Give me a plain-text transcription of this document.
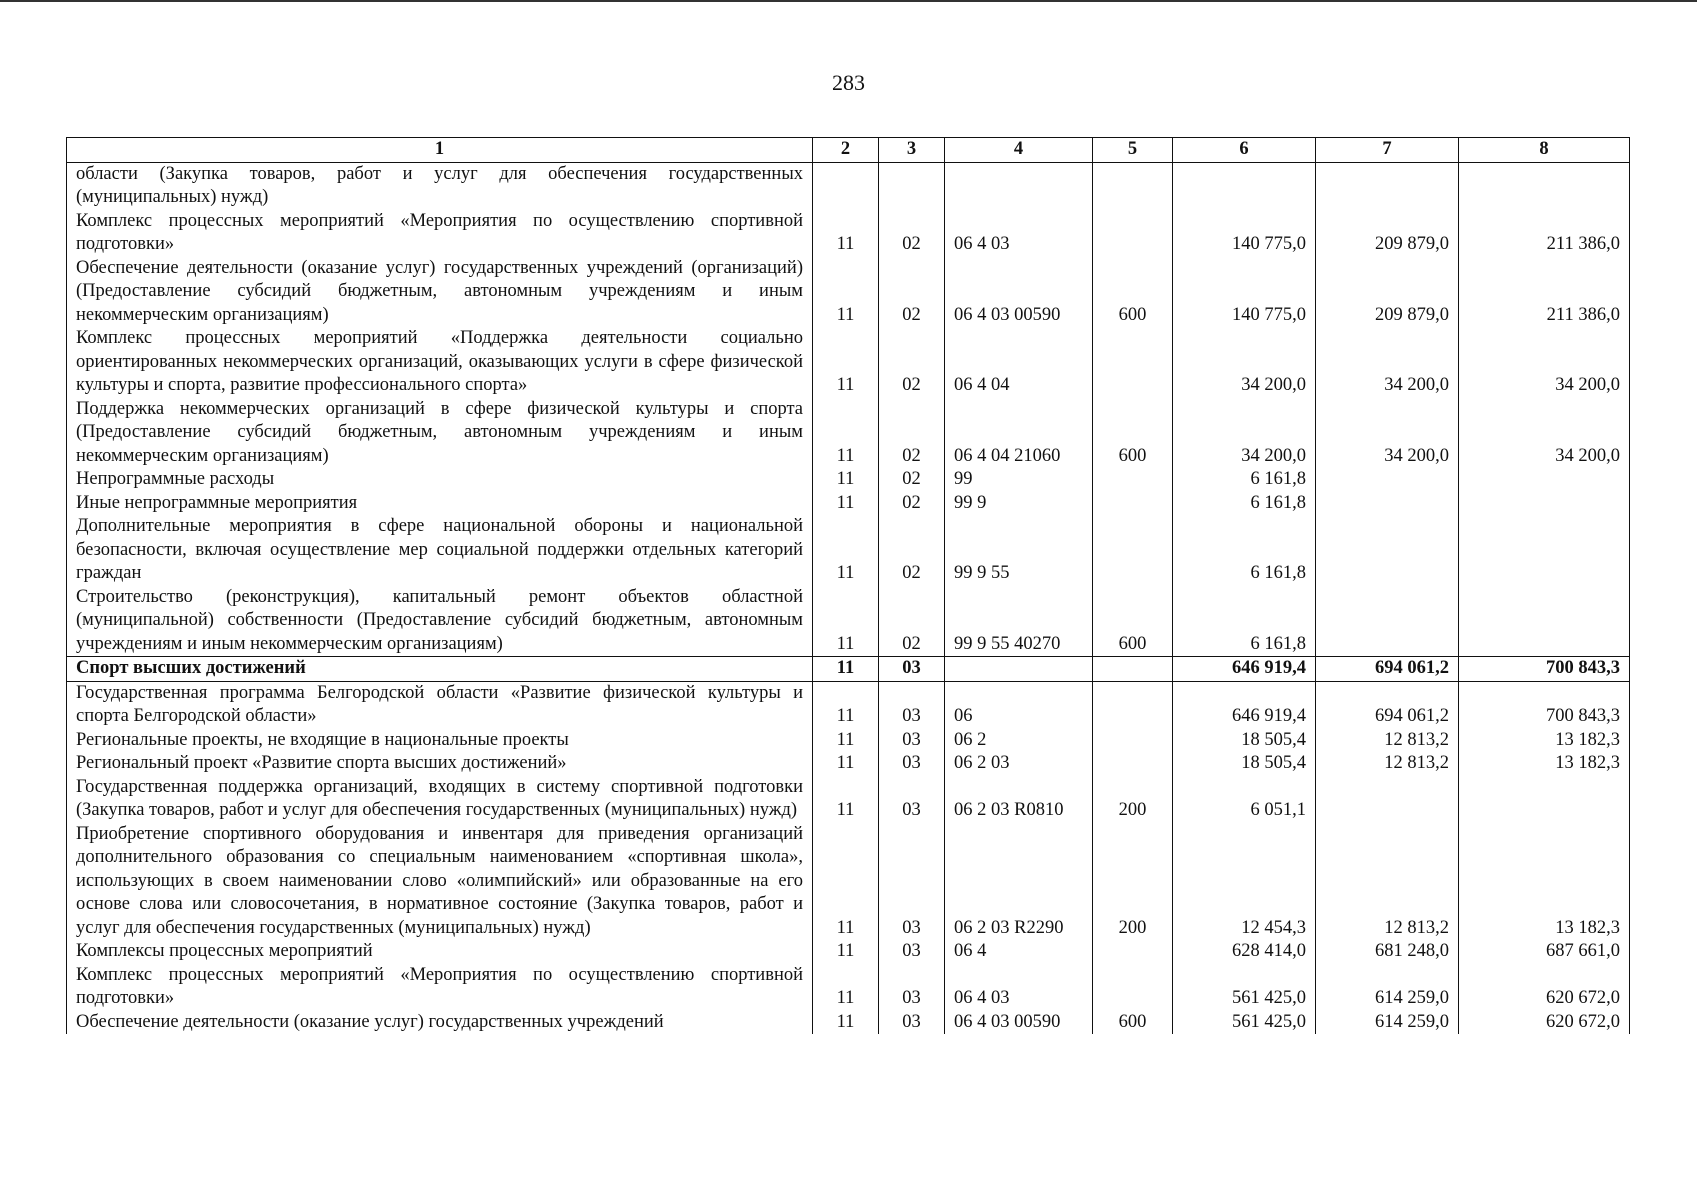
283
1	2	3	4	5	6	7	8
области (Закупка товаров, работ и услуг для обеспечения государственных (муниципальных) нужд)							
Комплекс процессных мероприятий «Мероприятия по осуществлению спортивной подготовки»	11	02	06 4 03		140 775,0	209 879,0	211 386,0
Обеспечение деятельности (оказание услуг) государственных учреждений (организаций) (Предоставление субсидий бюджетным, автономным учреждениям и иным некоммерческим организациям)	11	02	06 4 03 00590	600	140 775,0	209 879,0	211 386,0
Комплекс процессных мероприятий «Поддержка деятельности социально ориентированных некоммерческих организаций, оказывающих услуги в сфере физической культуры и спорта, развитие профессионального спорта»	11	02	06 4 04		34 200,0	34 200,0	34 200,0
Поддержка некоммерческих организаций в сфере физической культуры и спорта (Предоставление субсидий бюджетным, автономным учреждениям и иным некоммерческим организациям)	11	02	06 4 04 21060	600	34 200,0	34 200,0	34 200,0
Непрограммные расходы	11	02	99		6 161,8		
Иные непрограммные мероприятия	11	02	99 9		6 161,8		
Дополнительные мероприятия в сфере национальной обороны и национальной безопасности, включая осуществление мер социальной поддержки отдельных категорий граждан	11	02	99 9 55		6 161,8		
Строительство (реконструкция), капитальный ремонт объектов областной (муниципальной) собственности (Предоставление субсидий бюджетным, автономным учреждениям и иным некоммерческим организациям)	11	02	99 9 55 40270	600	6 161,8		
Спорт высших достижений	11	03			646 919,4	694 061,2	700 843,3
Государственная программа Белгородской области «Развитие физической культуры и спорта Белгородской области»	11	03	06		646 919,4	694 061,2	700 843,3
Региональные проекты, не входящие в национальные проекты	11	03	06 2		18 505,4	12 813,2	13 182,3
Региональный проект «Развитие спорта высших достижений»	11	03	06 2 03		18 505,4	12 813,2	13 182,3
Государственная поддержка организаций, входящих в систему спортивной подготовки (Закупка товаров, работ и услуг для обеспечения государственных (муниципальных) нужд)	11	03	06 2 03 R0810	200	6 051,1		
Приобретение спортивного оборудования и инвентаря для приведения организаций дополнительного образования со специальным наименованием «спортивная школа», использующих в своем наименовании слово «олимпийский» или образованные на его основе слова или словосочетания, в нормативное состояние (Закупка товаров, работ и услуг для обеспечения государственных (муниципальных) нужд)	11	03	06 2 03 R2290	200	12 454,3	12 813,2	13 182,3
Комплексы процессных мероприятий	11	03	06 4		628 414,0	681 248,0	687 661,0
Комплекс процессных мероприятий «Мероприятия по осуществлению спортивной подготовки»	11	03	06 4 03		561 425,0	614 259,0	620 672,0
Обеспечение деятельности (оказание услуг) государственных учреждений	11	03	06 4 03 00590	600	561 425,0	614 259,0	620 672,0
